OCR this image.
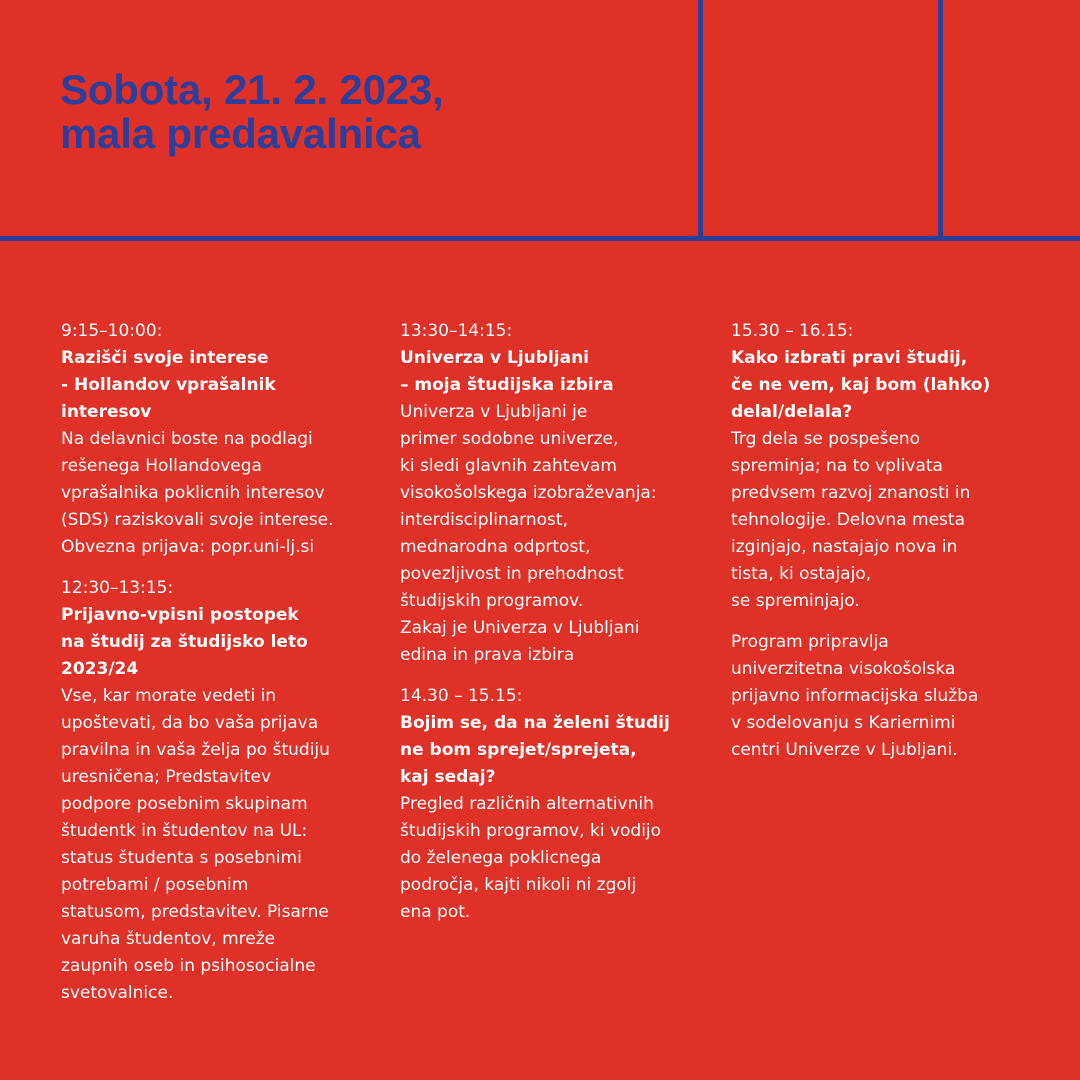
Sobota, 21. 2. 2023,
mala predavalnica
9:15–10:00:
Razišči svoje interese
- Hollandov vprašalnik
interesov
Na delavnici boste na podlagi
rešenega Hollandovega
vprašalnika poklicnih interesov
(SDS) raziskovali svoje interese.
Obvezna prijava: popr.uni-lj.si
12:30–13:15:
Prijavno-vpisni postopek
na študij za študijsko leto
2023/24
Vse, kar morate vedeti in
upoštevati, da bo vaša prijava
pravilna in vaša želja po študiju
uresničena; Predstavitev
podpore posebnim skupinam
študentk in študentov na UL:
status študenta s posebnimi
potrebami / posebnim
statusom, predstavitev. Pisarne
varuha študentov, mreže
zaupnih oseb in psihosocialne
svetovalnice.
13:30–14:15:
Univerza v Ljubljani
– moja študijska izbira
Univerza v Ljubljani je
primer sodobne univerze,
ki sledi glavnih zahtevam
visokošolskega izobraževanja:
interdisciplinarnost,
mednarodna odprtost,
povezljivost in prehodnost
študijskih programov.
Zakaj je Univerza v Ljubljani
edina in prava izbira
14.30 – 15.15:
Bojim se, da na želeni študij
ne bom sprejet/sprejeta,
kaj sedaj?
Pregled različnih alternativnih
študijskih programov, ki vodijo
do želenega poklicnega
področja, kajti nikoli ni zgolj
ena pot.
15.30 – 16.15:
Kako izbrati pravi študij,
če ne vem, kaj bom (lahko)
delal/delala?
Trg dela se pospešeno
spreminja; na to vplivata
predvsem razvoj znanosti in
tehnologije. Delovna mesta
izginjajo, nastajajo nova in
tista, ki ostajajo,
se spreminjajo.
Program pripravlja
univerzitetna visokošolska
prijavno informacijska služba
v sodelovanju s Kariernimi
centri Univerze v Ljubljani.
